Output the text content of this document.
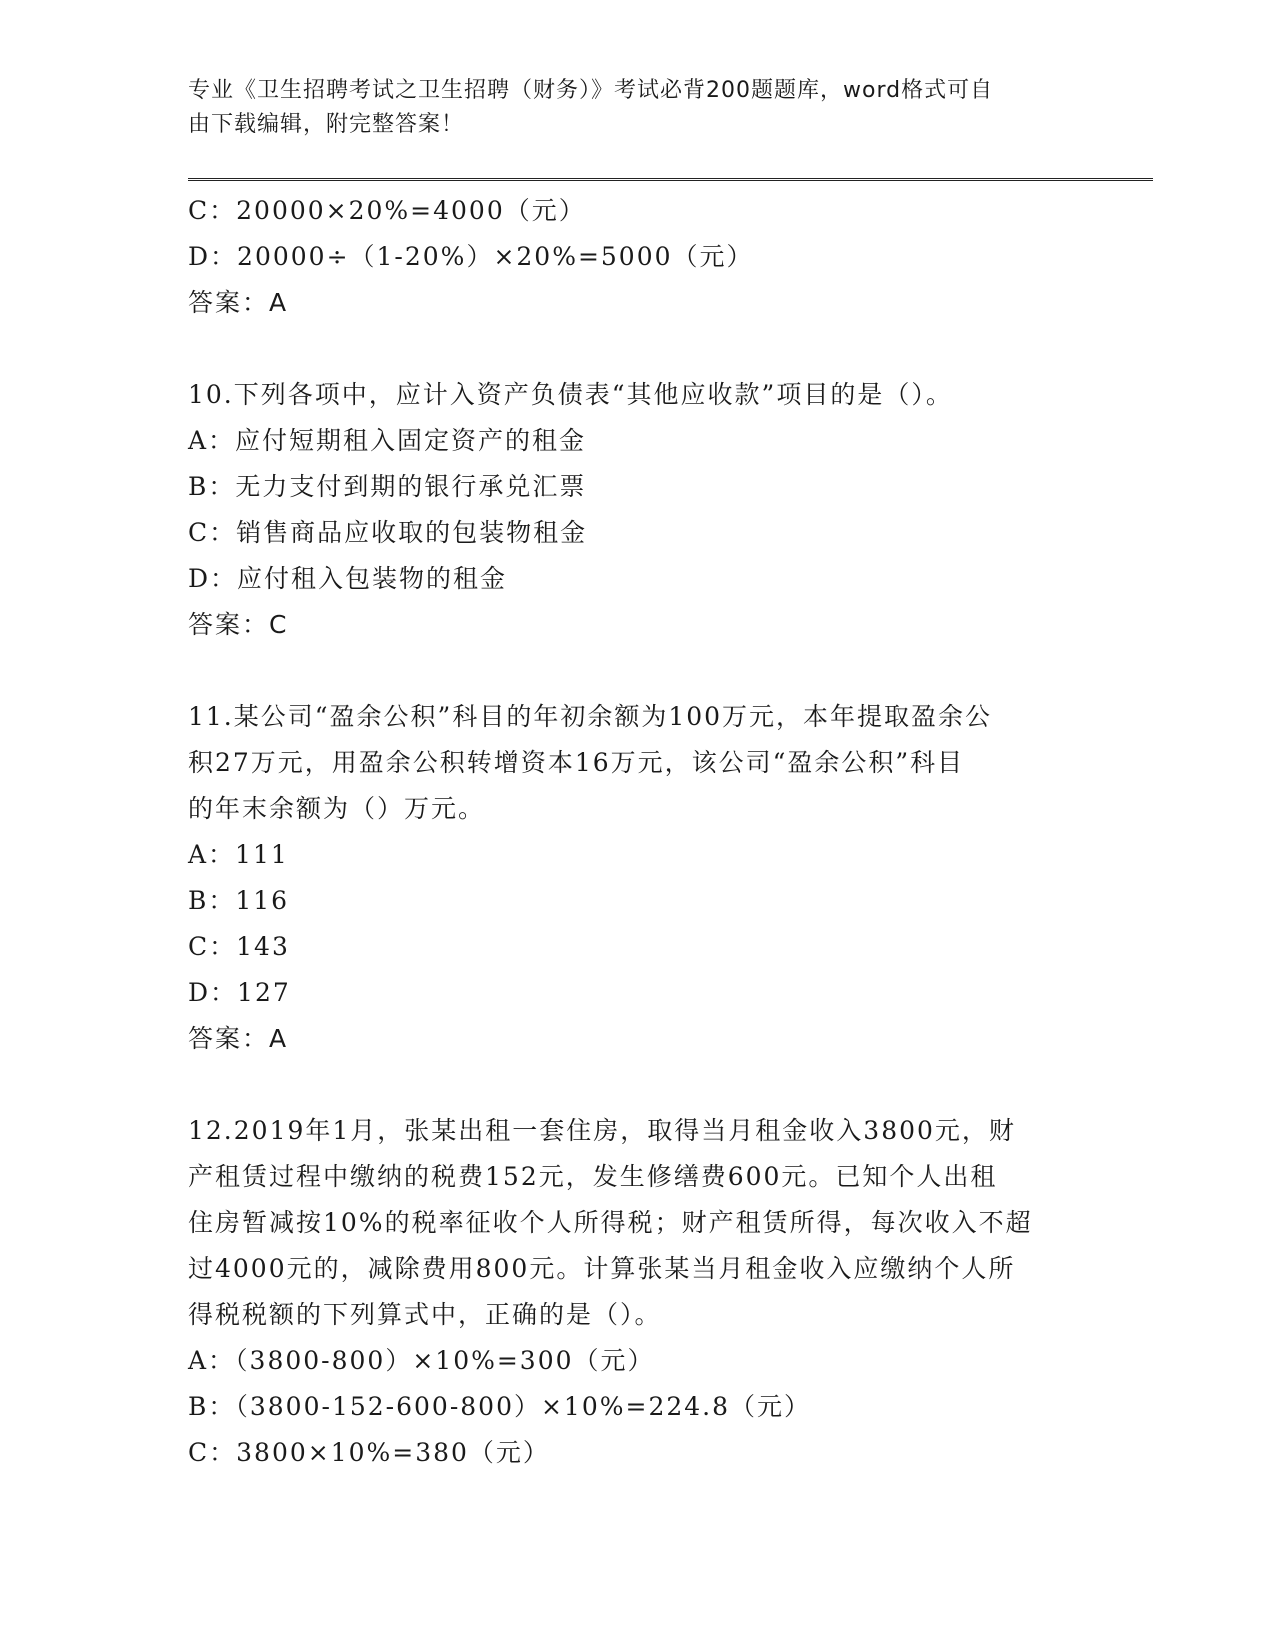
专业《卫生招聘考试之卫生招聘（财务）》考试必背200题题库，word格式可自
由下载编辑，附完整答案！
C：20000×20%=4000（元）
D：20000÷（1-20%）×20%=5000（元）
答案：A
10.下列各项中，应计入资产负债表“其他应收款”项目的是（）。
A：应付短期租入固定资产的租金
B：无力支付到期的银行承兑汇票
C：销售商品应收取的包装物租金
D：应付租入包装物的租金
答案：C
11.某公司“盈余公积”科目的年初余额为100万元，本年提取盈余公
积27万元，用盈余公积转增资本16万元，该公司“盈余公积”科目
的年末余额为（）万元。
A：111
B：116
C：143
D：127
答案：A
12.2019年1月，张某出租一套住房，取得当月租金收入3800元，财
产租赁过程中缴纳的税费152元，发生修缮费600元。已知个人出租
住房暂减按10%的税率征收个人所得税；财产租赁所得，每次收入不超
过4000元的，减除费用800元。计算张某当月租金收入应缴纳个人所
得税税额的下列算式中，正确的是（）。
A：（3800-800）×10%=300（元）
B：（3800-152-600-800）×10%=224.8（元）
C：3800×10%=380（元）
